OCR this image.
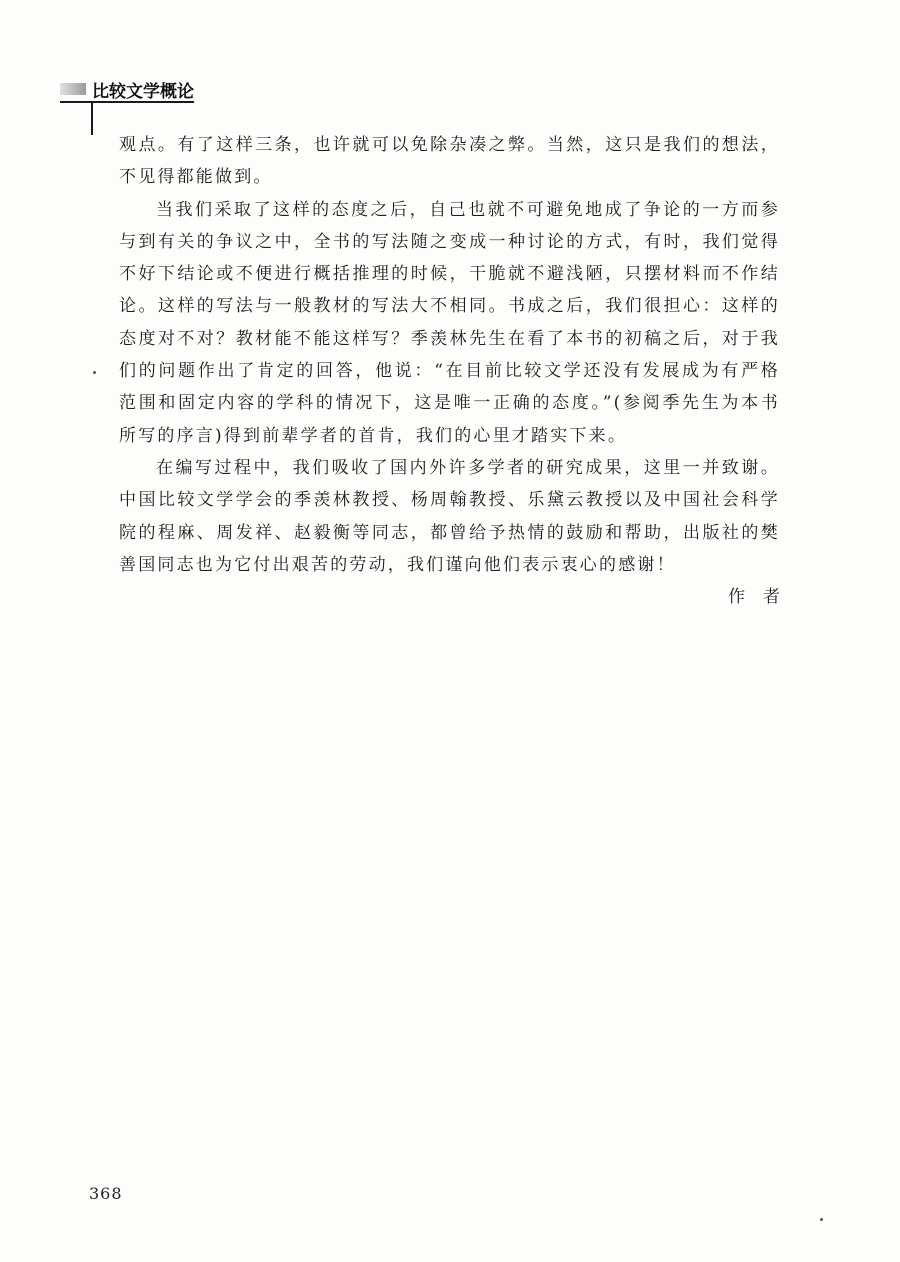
比较文学概论

观点。有了这样三条，也许就可以免除杂凑之弊。当然，这只是我们的想法，不见得都能做到。

当我们采取了这样的态度之后，自己也就不可避免地成了争论的一方而参与到有关的争议之中，全书的写法随之变成一种讨论的方式，有时，我们觉得不好下结论或不便进行概括推理的时候，干脆就不避浅陋，只摆材料而不作结论。这样的写法与一般教材的写法大不相同。书成之后，我们很担心：这样的态度对不对？教材能不能这样写？季羡林先生在看了本书的初稿之后，对于我们的问题作出了肯定的回答，他说：“在目前比较文学还没有发展成为有严格范围和固定内容的学科的情况下，这是唯一正确的态度。”(参阅季先生为本书所写的序言)得到前辈学者的首肯，我们的心里才踏实下来。

在编写过程中，我们吸收了国内外许多学者的研究成果，这里一并致谢。中国比较文学学会的季羡林教授、杨周翰教授、乐黛云教授以及中国社会科学院的程麻、周发祥、赵毅衡等同志，都曾给予热情的鼓励和帮助，出版社的樊善国同志也为它付出艰苦的劳动，我们谨向他们表示衷心的感谢！

作者

368
